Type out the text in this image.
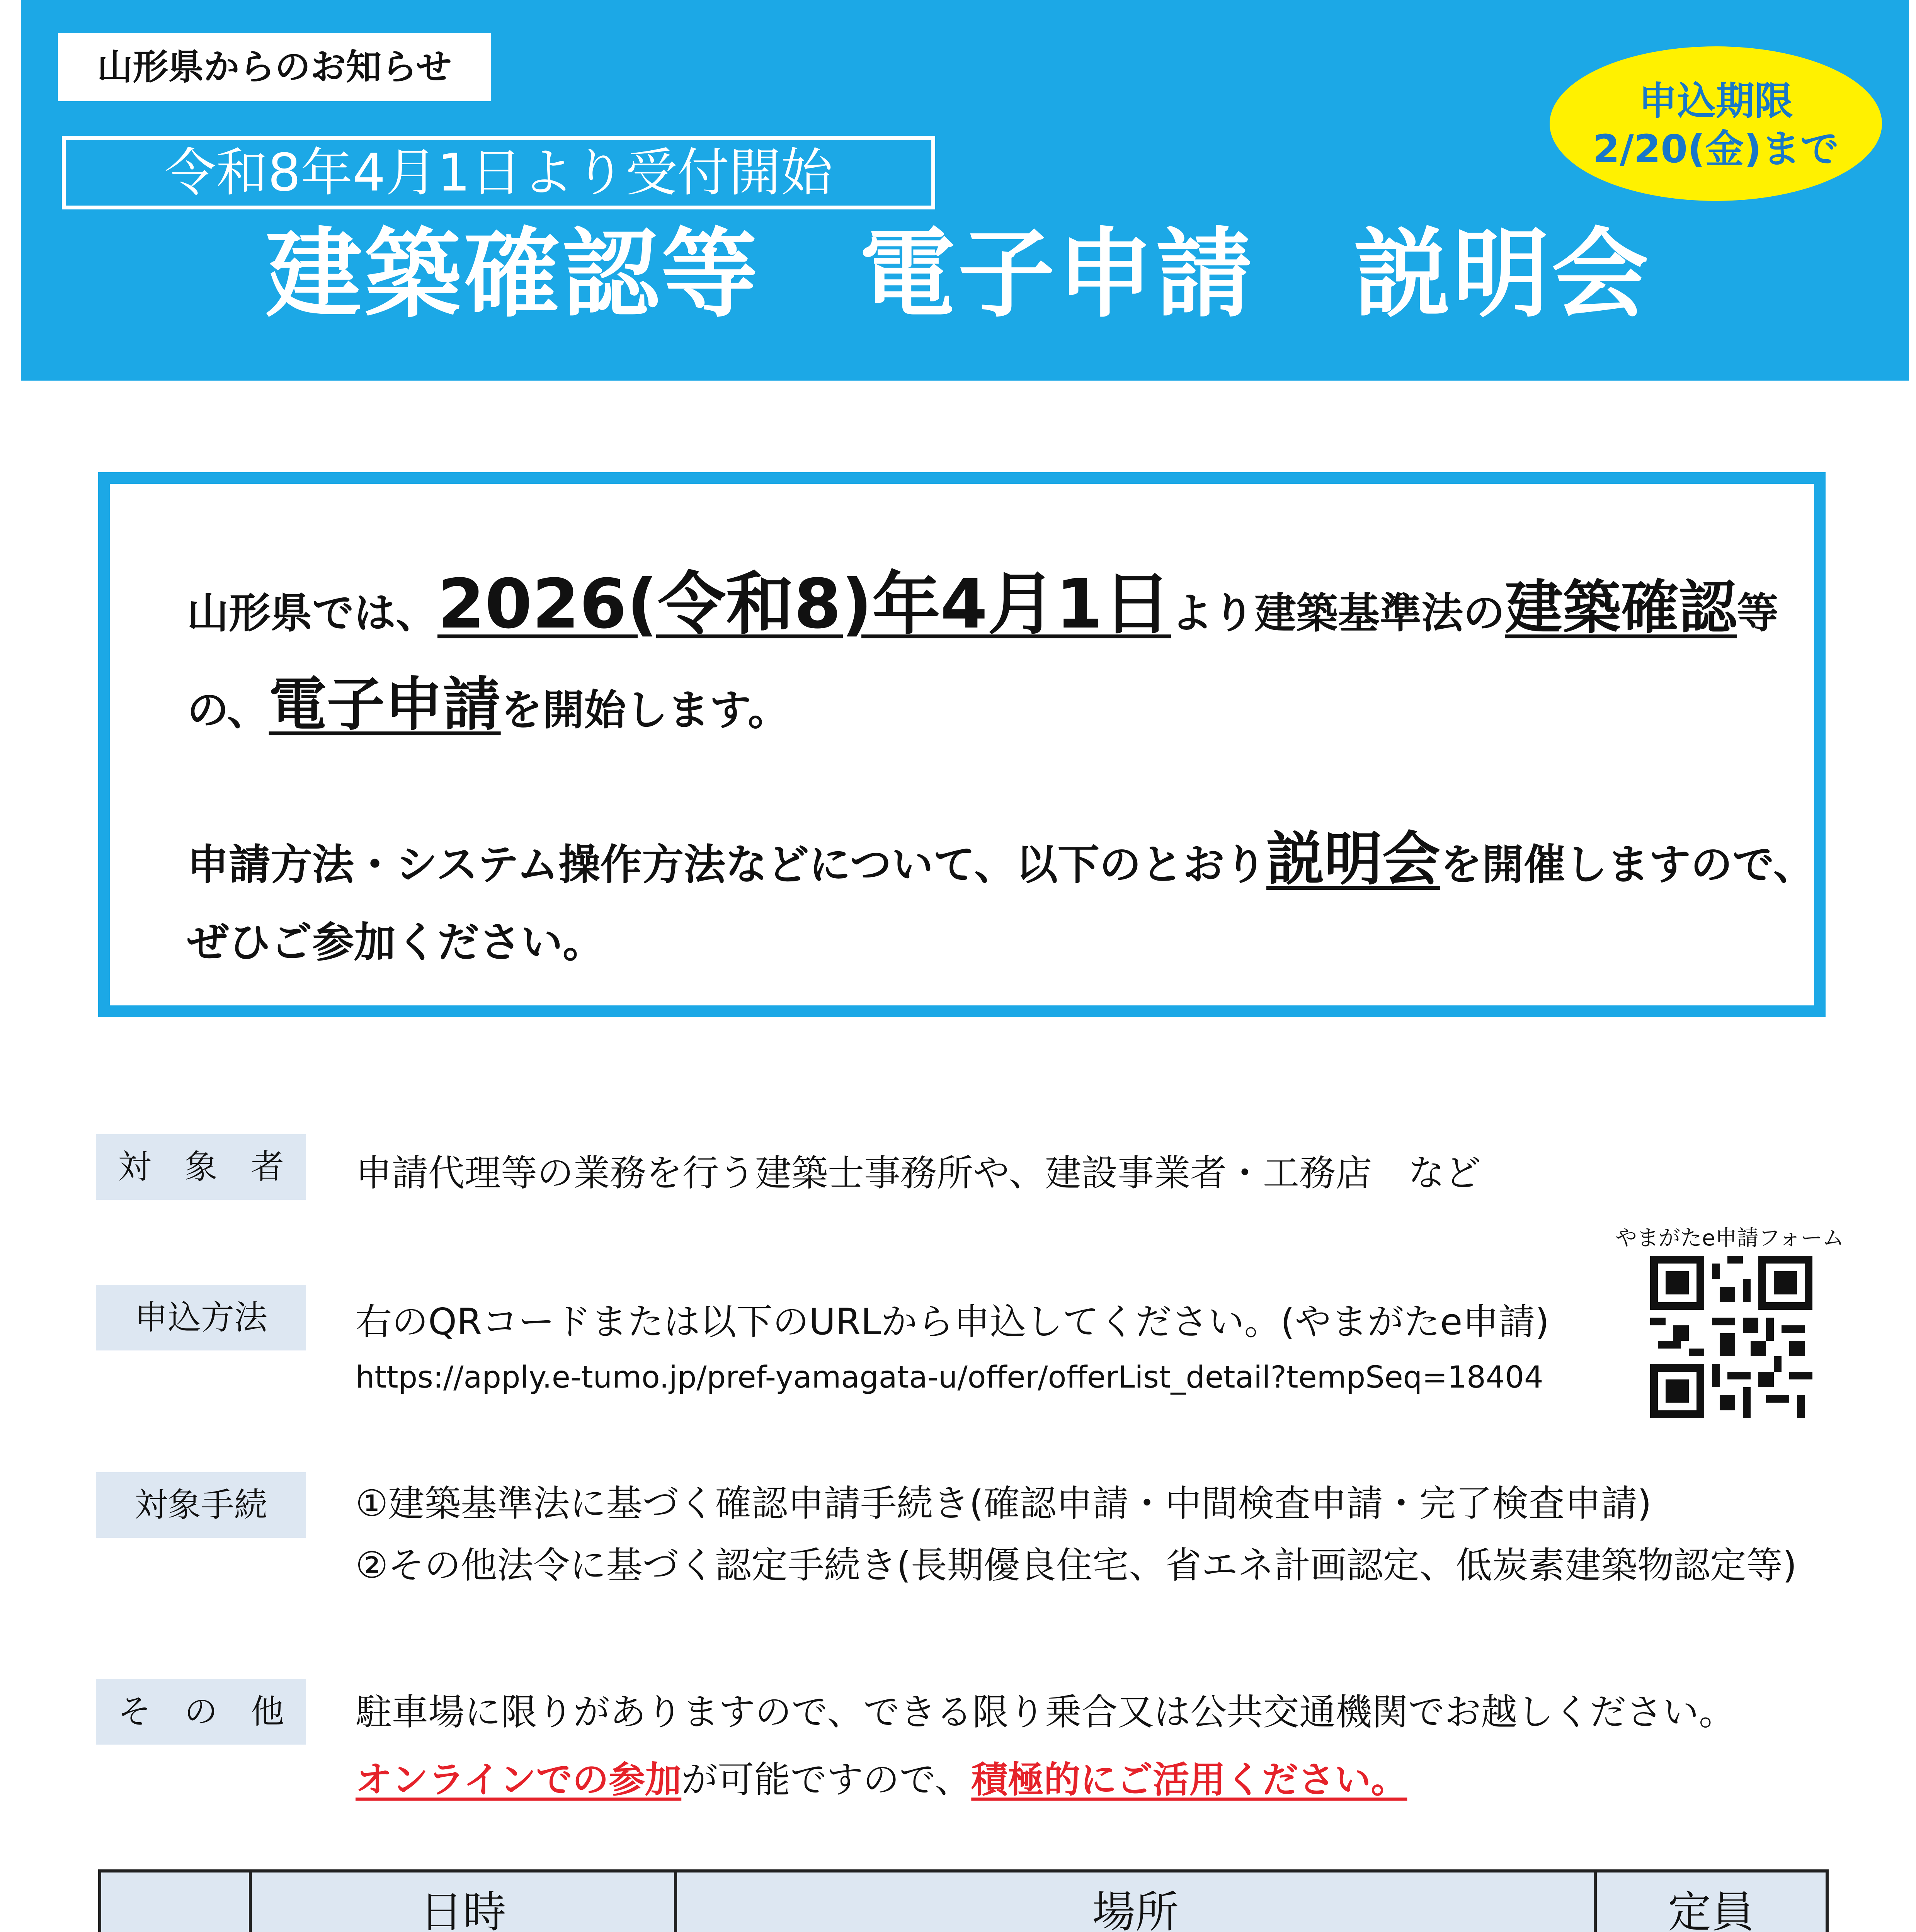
山形県からのお知らせ
令和8年4月1日より受付開始
建築確認等　電子申請　説明会
申込期限
2/20(金)まで
山形県では、2026(令和8)年4月1日より建築基準法の建築確認等
の、電子申請を開始します。
申請方法・システム操作方法などについて、以下のとおり説明会を開催しますので、
ぜひご参加ください。
対　象　者	申請代理等の業務を行う建築士事務所や、建設事業者・工務店　など
やまがたe申請フォーム
申込方法	右のQRコードまたは以下のURLから申込してください。(やまがたe申請)
https://apply.e-tumo.jp/pref-yamagata-u/offer/offerList_detail?tempSeq=18404
対象手続	①建築基準法に基づく確認申請手続き(確認申請・中間検査申請・完了検査申請)
②その他法令に基づく認定手続き(長期優良住宅、省エネ計画認定、低炭素建築物認定等)
そ　の　他	駐車場に限りがありますので、できる限り乗合又は公共交通機関でお越しください。
オンラインでの参加が可能ですので、積極的にご活用ください。
	日時	場所	定員
